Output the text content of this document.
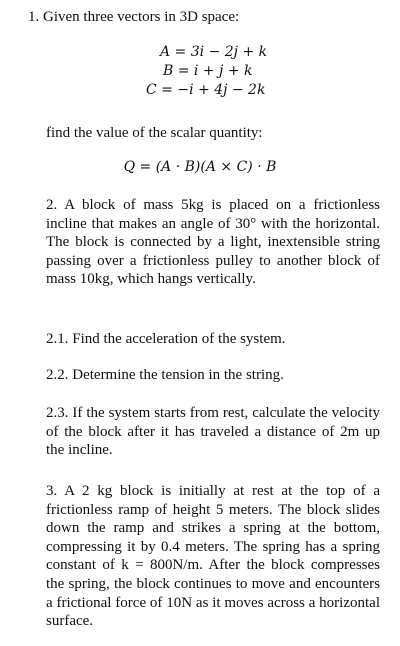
1. Given three vectors in 3D space:

A = 3i − 2j + k
B = i + j + k
C = −i + 4j − 2k

find the value of the scalar quantity:

Q = (A · B)(A × C) · B

2. A block of mass 5kg is placed on a frictionless incline that makes an angle of 30° with the horizontal. The block is connected by a light, inextensible string passing over a frictionless pulley to another block of mass 10kg, which hangs vertically.

2.1. Find the acceleration of the system.

2.2. Determine the tension in the string.

2.3. If the system starts from rest, calculate the velocity of the block after it has traveled a distance of 2m up the incline.

3. A 2 kg block is initially at rest at the top of a frictionless ramp of height 5 meters. The block slides down the ramp and strikes a spring at the bottom, compressing it by 0.4 meters. The spring has a spring constant of k = 800N/m. After the block compresses the spring, the block continues to move and encounters a frictional force of 10N as it moves across a horizontal surface.
